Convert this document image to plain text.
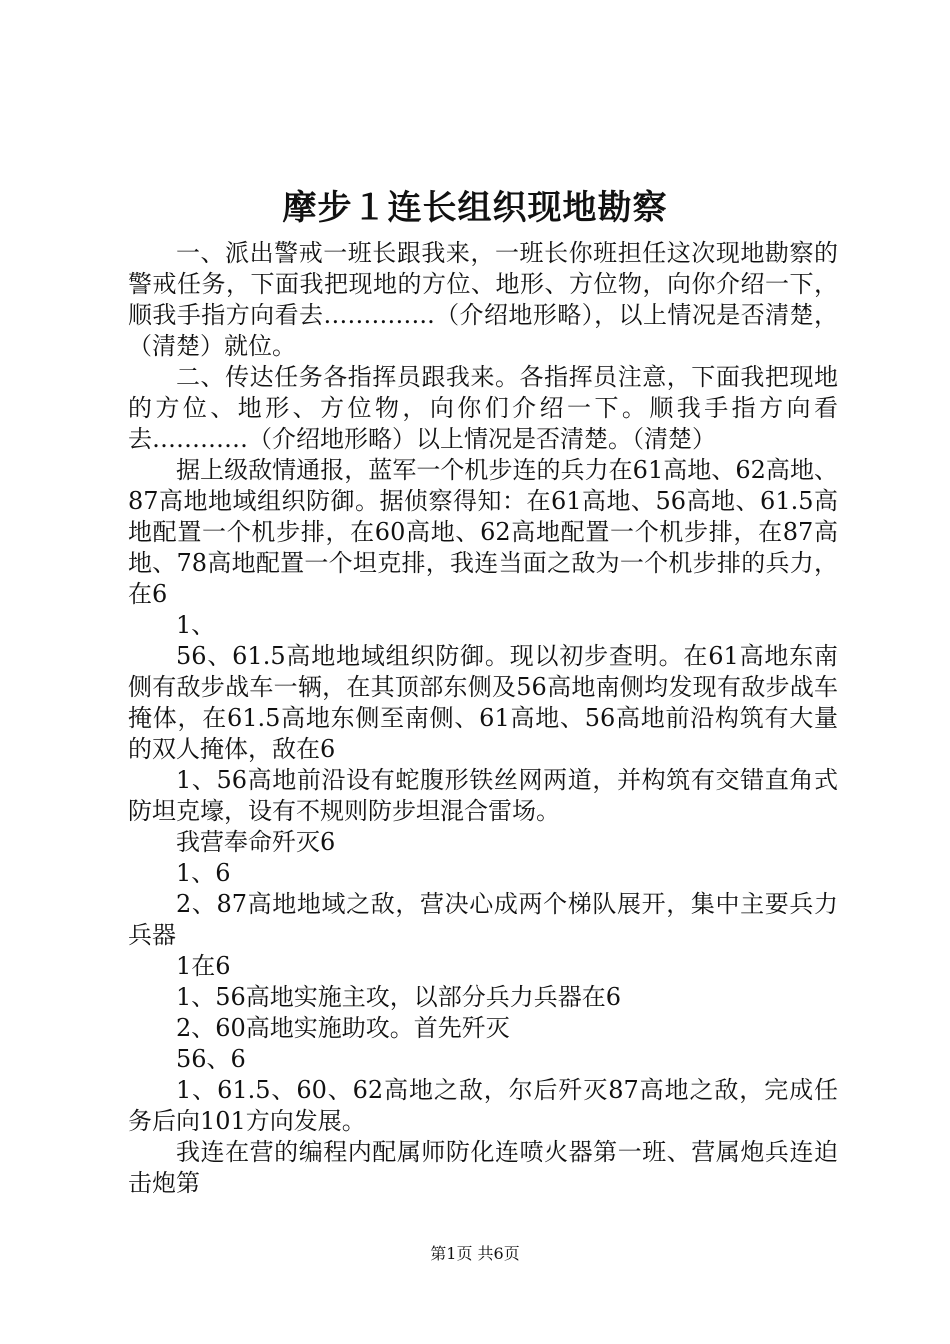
摩步１连长组织现地勘察

一、派出警戒一班长跟我来，一班长你班担任这次现地勘察的警戒任务，下面我把现地的方位、地形、方位物，向你介绍一下，顺我手指方向看去…………..（介绍地形略），以上情况是否清楚，（清楚）就位。

二、传达任务各指挥员跟我来。各指挥员注意，下面我把现地的方位、地形、方位物，向你们介绍一下。顺我手指方向看去…………（介绍地形略）以上情况是否清楚。（清楚）

据上级敌情通报，蓝军一个机步连的兵力在61高地、62高地、87高地地域组织防御。据侦察得知：在61高地、56高地、61.5高地配置一个机步排，在60高地、62高地配置一个机步排，在87高地、78高地配置一个坦克排，我连当面之敌为一个机步排的兵力，在6

1、

56、61.5高地地域组织防御。现以初步查明。在61高地东南侧有敌步战车一辆，在其顶部东侧及56高地南侧均发现有敌步战车掩体，在61.5高地东侧至南侧、61高地、56高地前沿构筑有大量的双人掩体，敌在6

1、56高地前沿设有蛇腹形铁丝网两道，并构筑有交错直角式防坦克壕，设有不规则防步坦混合雷场。

我营奉命歼灭6

1、6

2、87高地地域之敌，营决心成两个梯队展开，集中主要兵力兵器

1在6

1、56高地实施主攻，以部分兵力兵器在6

2、60高地实施助攻。首先歼灭

56、6

1、61.5、60、62高地之敌，尔后歼灭87高地之敌，完成任务后向101方向发展。

我连在营的编程内配属师防化连喷火器第一班、营属炮兵连迫击炮第

第1页 共6页
